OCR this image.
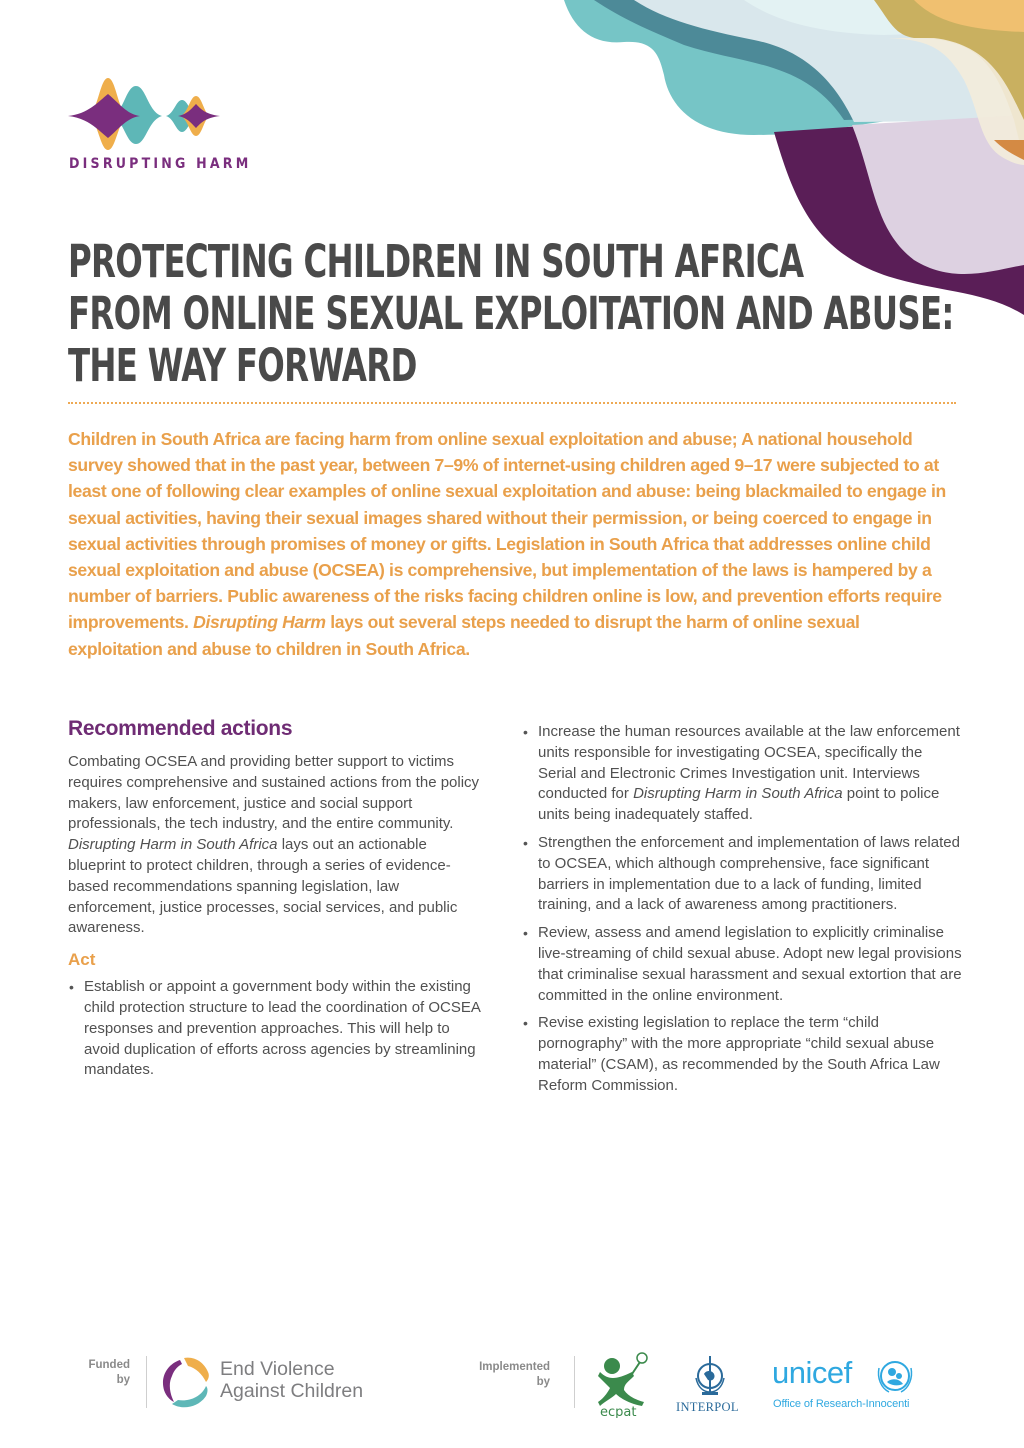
DISRUPTING HARM
PROTECTING CHILDREN IN SOUTH AFRICA
FROM ONLINE SEXUAL EXPLOITATION AND ABUSE:
THE WAY FORWARD

Children in South Africa are facing harm from online sexual exploitation and abuse; A national household survey showed that in the past year, between 7–9% of internet-using children aged 9–17 were subjected to at least one of following clear examples of online sexual exploitation and abuse: being blackmailed to engage in sexual activities, having their sexual images shared without their permission, or being coerced to engage in sexual activities through promises of money or gifts. Legislation in South Africa that addresses online child sexual exploitation and abuse (OCSEA) is comprehensive, but implementation of the laws is hampered by a number of barriers. Public awareness of the risks facing children online is low, and prevention efforts require improvements. Disrupting Harm lays out several steps needed to disrupt the harm of online sexual exploitation and abuse to children in South Africa.

Recommended actions

Combating OCSEA and providing better support to victims requires comprehensive and sustained actions from the policy makers, law enforcement, justice and social support professionals, the tech industry, and the entire community. Disrupting Harm in South Africa lays out an actionable blueprint to protect children, through a series of evidence-based recommendations spanning legislation, law enforcement, justice processes, social services, and public awareness.

Act
• Establish or appoint a government body within the existing child protection structure to lead the coordination of OCSEA responses and prevention approaches. This will help to avoid duplication of efforts across agencies by streamlining mandates.
• Increase the human resources available at the law enforcement units responsible for investigating OCSEA, specifically the Serial and Electronic Crimes Investigation unit. Interviews conducted for Disrupting Harm in South Africa point to police units being inadequately staffed.
• Strengthen the enforcement and implementation of laws related to OCSEA, which although comprehensive, face significant barriers in implementation due to a lack of funding, limited training, and a lack of awareness among practitioners.
• Review, assess and amend legislation to explicitly criminalise live-streaming of child sexual abuse. Adopt new legal provisions that criminalise sexual harassment and sexual extortion that are committed in the online environment.
• Revise existing legislation to replace the term “child pornography” with the more appropriate “child sexual abuse material” (CSAM), as recommended by the South Africa Law Reform Commission.
Funded
by	End Violence
Against Children
Implemented
by
ecpat	INTERPOL
unicef
Office of Research-Innocenti
